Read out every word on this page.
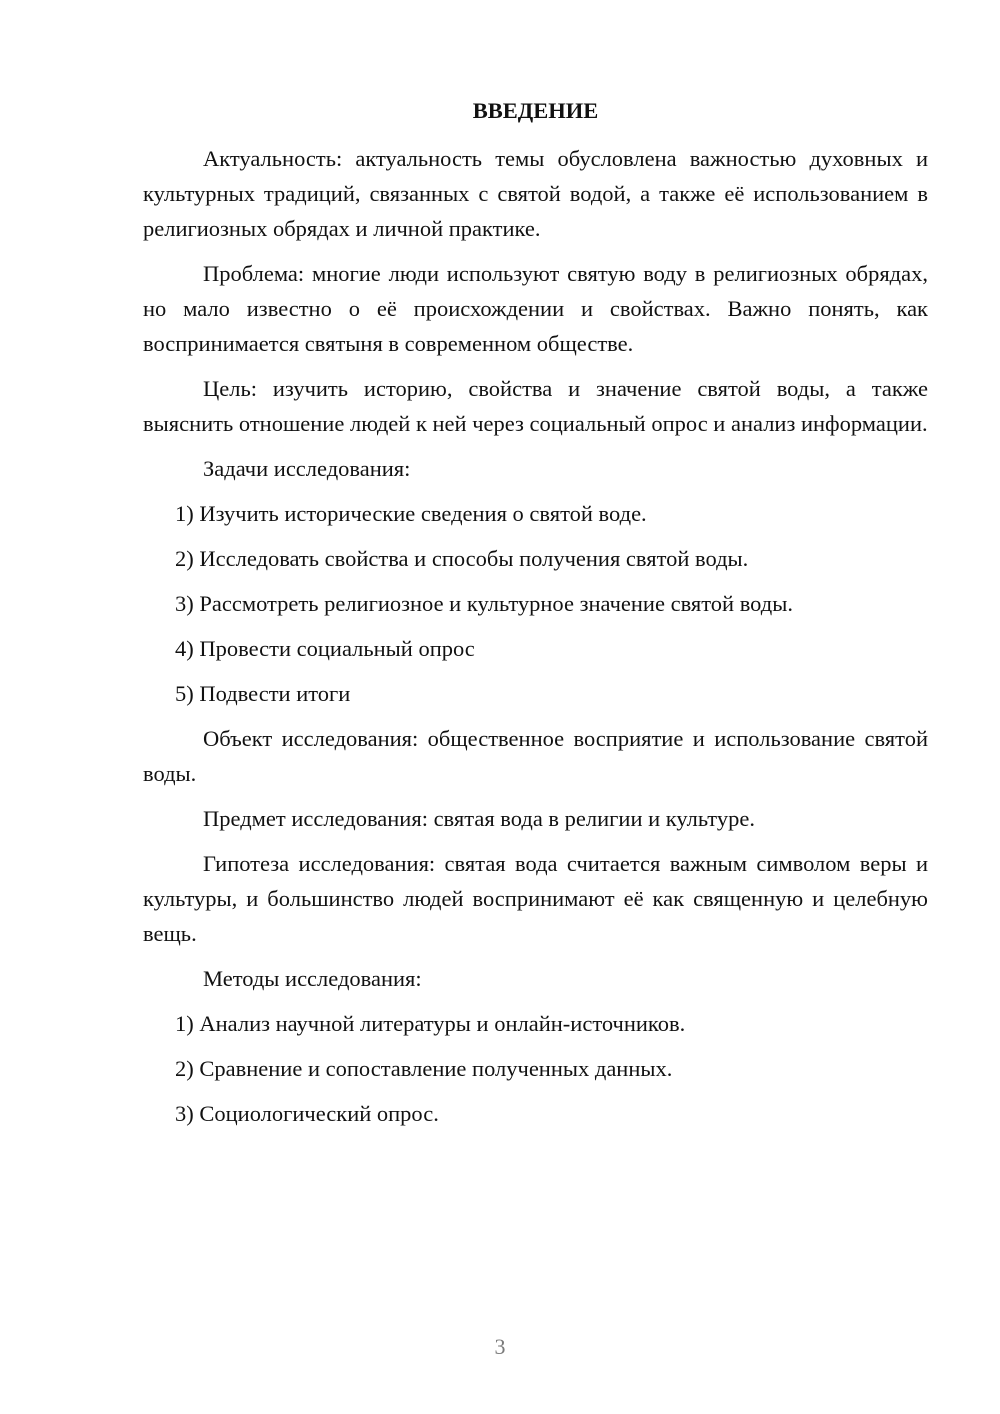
ВВЕДЕНИЕ

Актуальность: актуальность темы обусловлена важностью духовных и культурных традиций, связанных с святой водой, а также её использованием в религиозных обрядах и личной практике.

Проблема: многие люди используют святую воду в религиозных обрядах, но мало известно о её происхождении и свойствах. Важно понять, как воспринимается святыня в современном обществе.

Цель: изучить историю, свойства и значение святой воды, а также выяснить отношение людей к ней через социальный опрос и анализ информации.

Задачи исследования:

1) Изучить исторические сведения о святой воде.

2) Исследовать свойства и способы получения святой воды.

3) Рассмотреть религиозное и культурное значение святой воды.

4) Провести социальный опрос

5) Подвести итоги

Объект исследования: общественное восприятие и использование святой воды.

Предмет исследования: святая вода в религии и культуре.

Гипотеза исследования: святая вода считается важным символом веры и культуры, и большинство людей воспринимают её как священную и целебную вещь.

Методы исследования:

1) Анализ научной литературы и онлайн-источников.

2) Сравнение и сопоставление полученных данных.

3) Социологический опрос.

3
